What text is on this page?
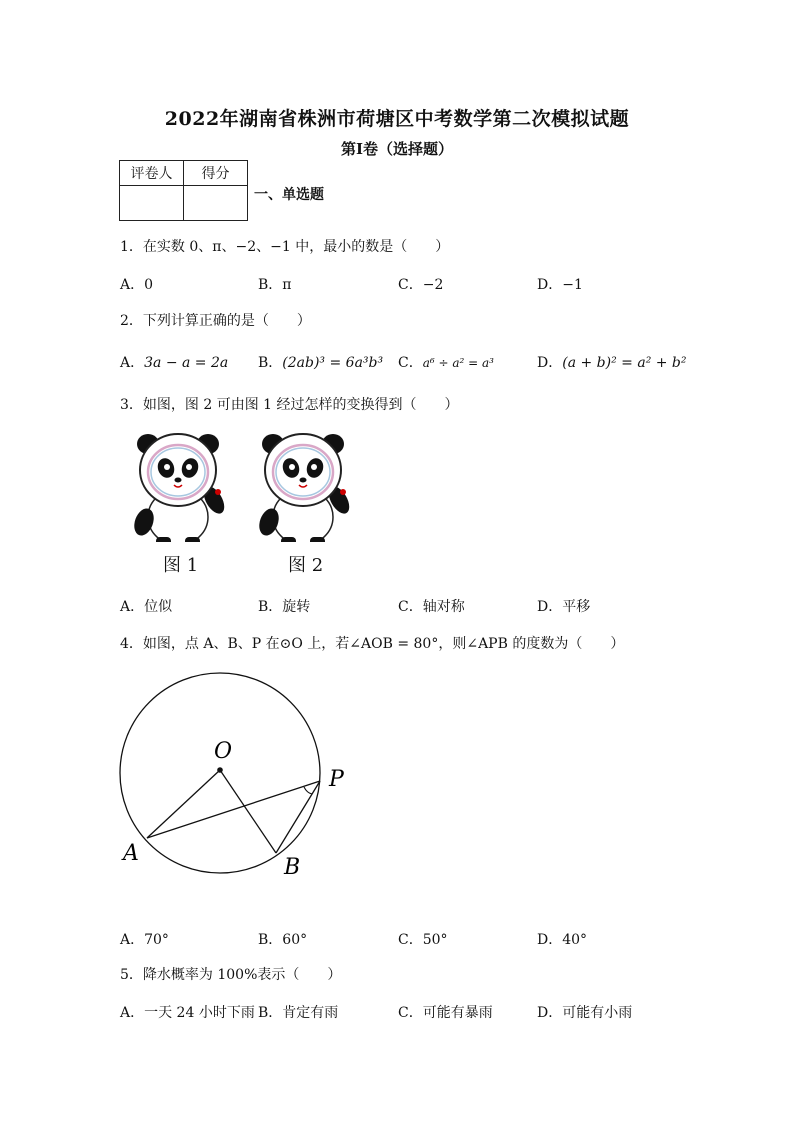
2022年湖南省株洲市荷塘区中考数学第二次模拟试题
第I卷（选择题）
评卷人	得分

一、单选题
1．在实数 0、π、−2、−1 中，最小的数是（　　）
A．0	B．π	C．−2	D．−1
2．下列计算正确的是（　　）
A．3a − a = 2a B．(2ab)³ = 6a³b³ C．a⁶ ÷ a² = a³	D．(a + b)² = a² + b²
3．如图，图 2 可由图 1 经过怎样的变换得到（　　）
图 1	图 2
A．位似	B．旋转	C．轴对称	D．平移
4．如图，点 A、B、P 在⊙O 上，若∠AOB = 80°，则∠APB 的度数为（　　）
O
A
B
P
A．70°	B．60°	C．50°	D．40°
5．降水概率为 100%表示（　　）
A．一天 24 小时下雨 B．肯定有雨	C．可能有暴雨	D．可能有小雨
